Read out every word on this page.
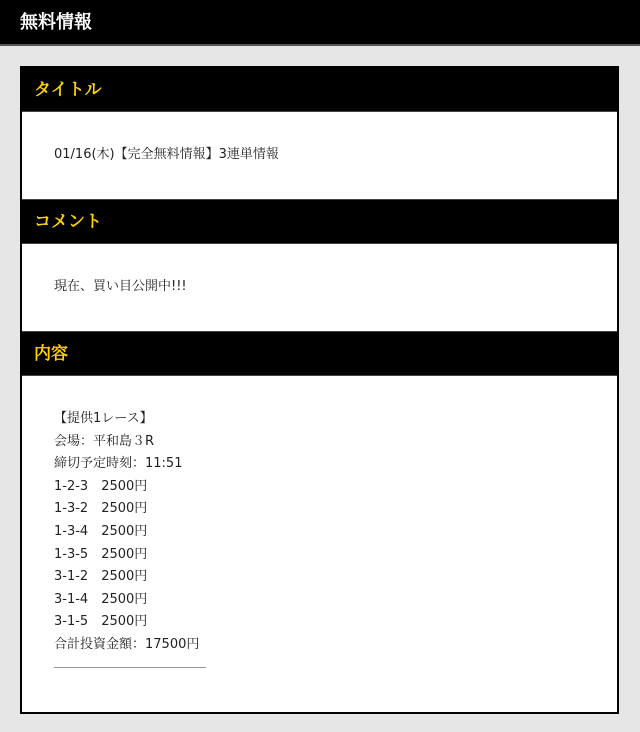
無料情報
タイトル
01/16(木)【完全無料情報】3連単情報
コメント
現在、買い目公開中!!!
内容
【提供1レース】
会場：平和島３R
締切予定時刻：11:51
1-2-3　2500円
1-3-2　2500円
1-3-4　2500円
1-3-5　2500円
3-1-2　2500円
3-1-4　2500円
3-1-5　2500円
合計投資金額：17500円
